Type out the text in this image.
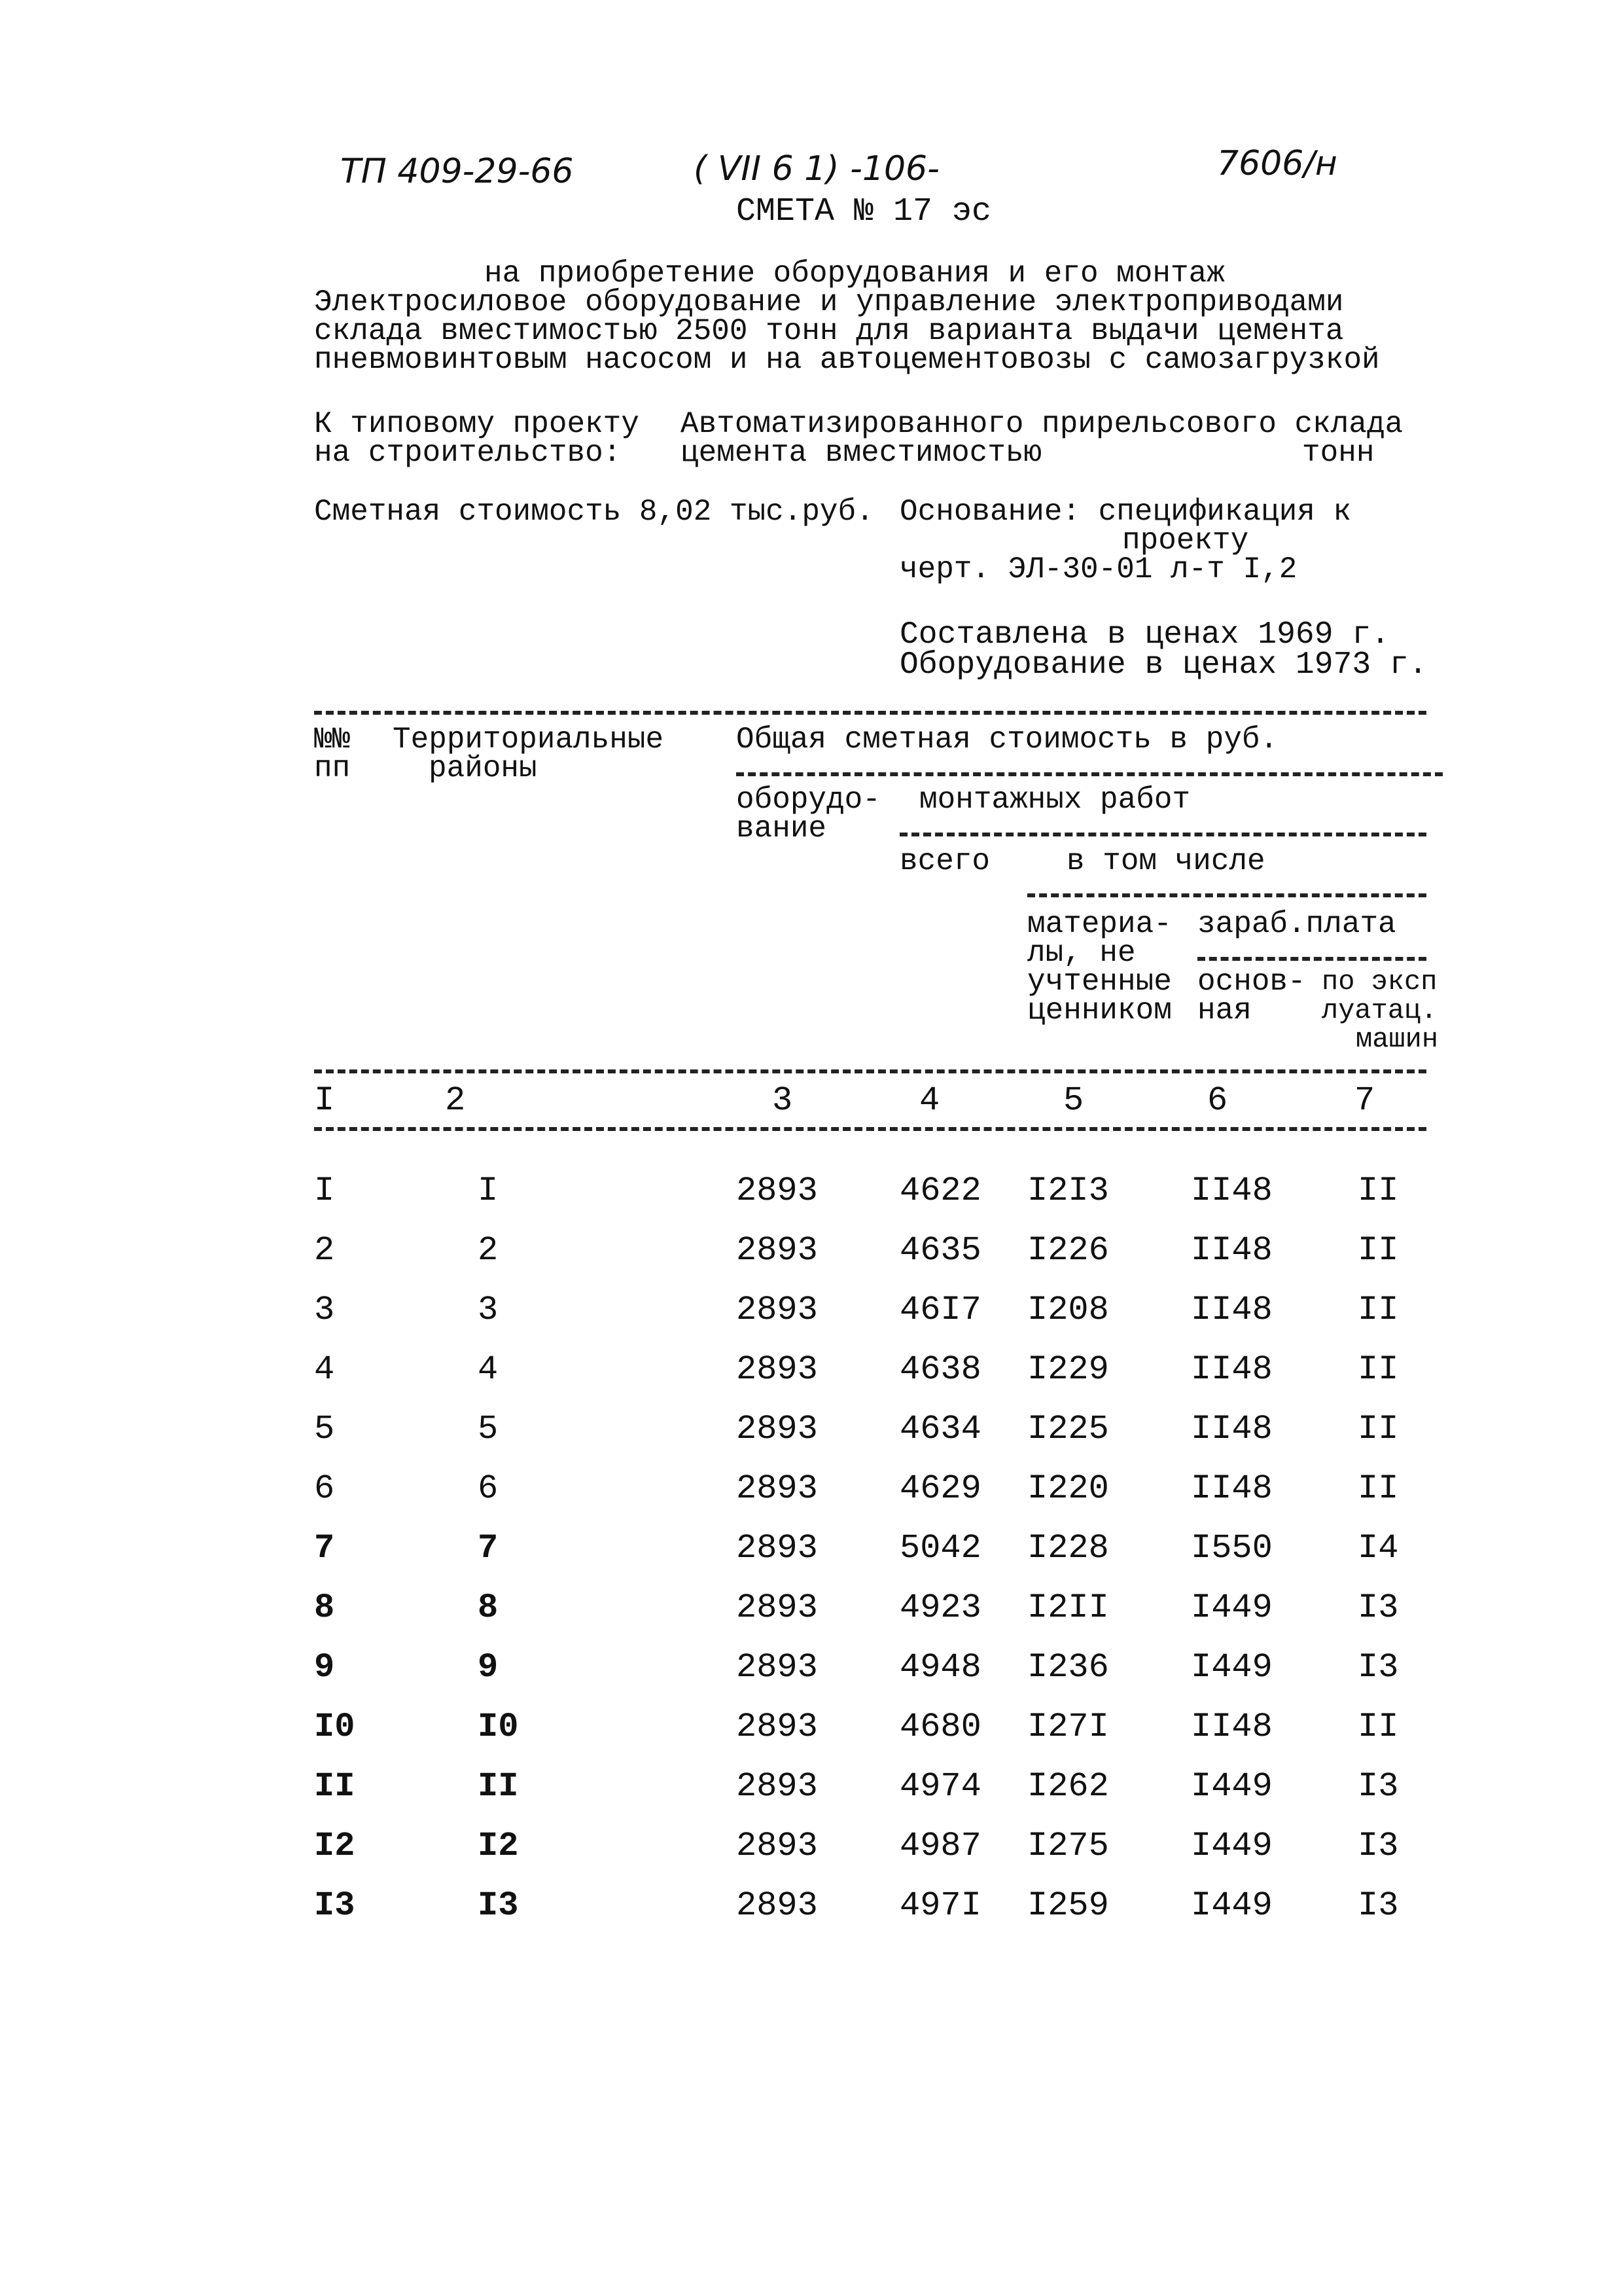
ТП 409-29-66	( VII 6 1) -106-	7606/н
СМЕТА № 17 эс
на приобретение оборудования и его монтаж
Электросиловое оборудование и управление электроприводами
склада вместимостью 2500 тонн для варианта выдачи цемента
пневмовинтовым насосом и на автоцементовозы с самозагрузкой
К типовому проекту
на строительство:
Автоматизированного прирельсового склада
цемента вместимостью	тонн
Сметная стоимость 8,02 тыс.руб. Основание: спецификация к
проекту
черт. ЭЛ-30-01 л-т I,2
Составлена в ценах 1969 г.
Оборудование в ценах 1973 г.
№№
пп
Территориальные
районы
Общая сметная стоимость в руб.
оборудо-
вание
монтажных работ
всего	в том числе
материа-
лы, не
учтенные
ценником
зараб.плата
основ-
ная
по эксп
луатац.
машин
I	2	3	4	5	6	7
I	I	2893	4622	I2I3	II48	II
2	2	2893	4635	I226	II48	II
3	3	2893	46I7	I208	II48	II
4	4	2893	4638	I229	II48	II
5	5	2893	4634	I225	II48	II
6	6	2893	4629	I220	II48	II
7	7	2893	5042	I228	I550	I4
8	8	2893	4923	I2II	I449	I3
9	9	2893	4948	I236	I449	I3
I0	I0	2893	4680	I27I	II48	II
II	II	2893	4974	I262	I449	I3
I2	I2	2893	4987	I275	I449	I3
I3	I3	2893	497I	I259	I449	I3
